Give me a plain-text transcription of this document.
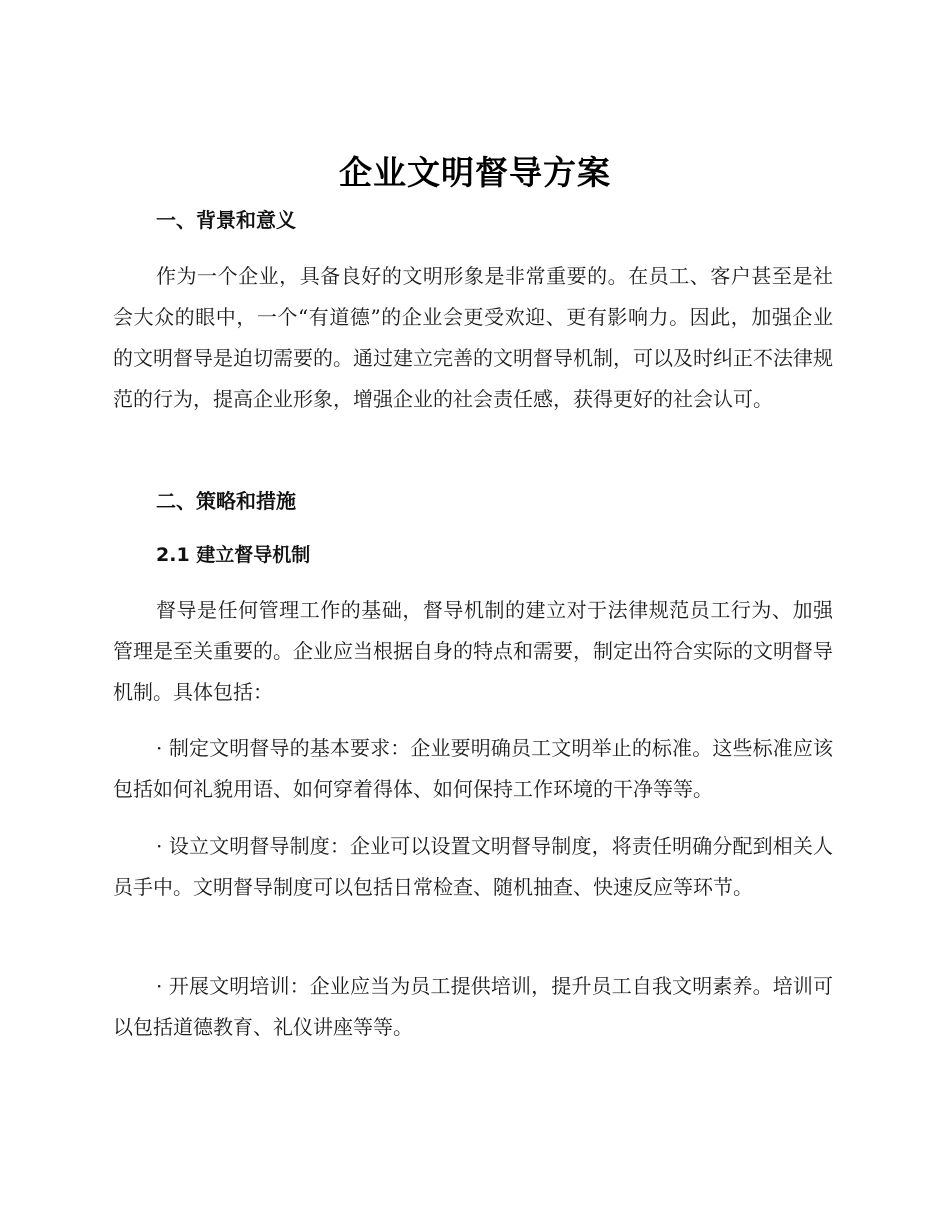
企业文明督导方案
一、背景和意义

作为一个企业，具备良好的文明形象是非常重要的。在员工、客户甚至是社会大众的眼中，一个“有道德”的企业会更受欢迎、更有影响力。因此，加强企业的文明督导是迫切需要的。通过建立完善的文明督导机制，可以及时纠正不法律规范的行为，提高企业形象，增强企业的社会责任感，获得更好的社会认可。

二、策略和措施
2.1 建立督导机制

督导是任何管理工作的基础，督导机制的建立对于法律规范员工行为、加强管理是至关重要的。企业应当根据自身的特点和需要，制定出符合实际的文明督导机制。具体包括：

· 制定文明督导的基本要求：企业要明确员工文明举止的标准。这些标准应该包括如何礼貌用语、如何穿着得体、如何保持工作环境的干净等等。

· 设立文明督导制度：企业可以设置文明督导制度，将责任明确分配到相关人员手中。文明督导制度可以包括日常检查、随机抽查、快速反应等环节。

· 开展文明培训：企业应当为员工提供培训，提升员工自我文明素养。培训可以包括道德教育、礼仪讲座等等。
